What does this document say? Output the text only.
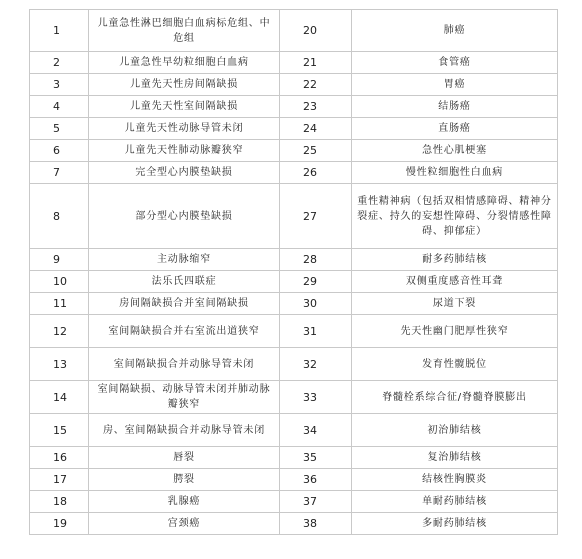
1	儿童急性淋巴细胞白血病标危组、中危组	20	肺癌
2	儿童急性早幼粒细胞白血病	21	食管癌
3	儿童先天性房间隔缺损	22	胃癌
4	儿童先天性室间隔缺损	23	结肠癌
5	儿童先天性动脉导管未闭	24	直肠癌
6	儿童先天性肺动脉瓣狭窄	25	急性心肌梗塞
7	完全型心内膜垫缺损	26	慢性粒细胞性白血病
8	部分型心内膜垫缺损	27	重性精神病（包括双相情感障碍、精神分裂症、持久的妄想性障碍、分裂情感性障碍、抑郁症）
9	主动脉缩窄	28	耐多药肺结核
10	法乐氏四联症	29	双侧重度感音性耳聋
11	房间隔缺损合并室间隔缺损	30	尿道下裂
12	室间隔缺损合并右室流出道狭窄	31	先天性幽门肥厚性狭窄
13	室间隔缺损合并动脉导管未闭	32	发育性髋脱位
14	室间隔缺损、动脉导管未闭并肺动脉瓣狭窄	33	脊髓栓系综合征/脊髓脊膜膨出
15	房、室间隔缺损合并动脉导管未闭	34	初治肺结核
16	唇裂	35	复治肺结核
17	腭裂	36	结核性胸膜炎
18	乳腺癌	37	单耐药肺结核
19	宫颈癌	38	多耐药肺结核
